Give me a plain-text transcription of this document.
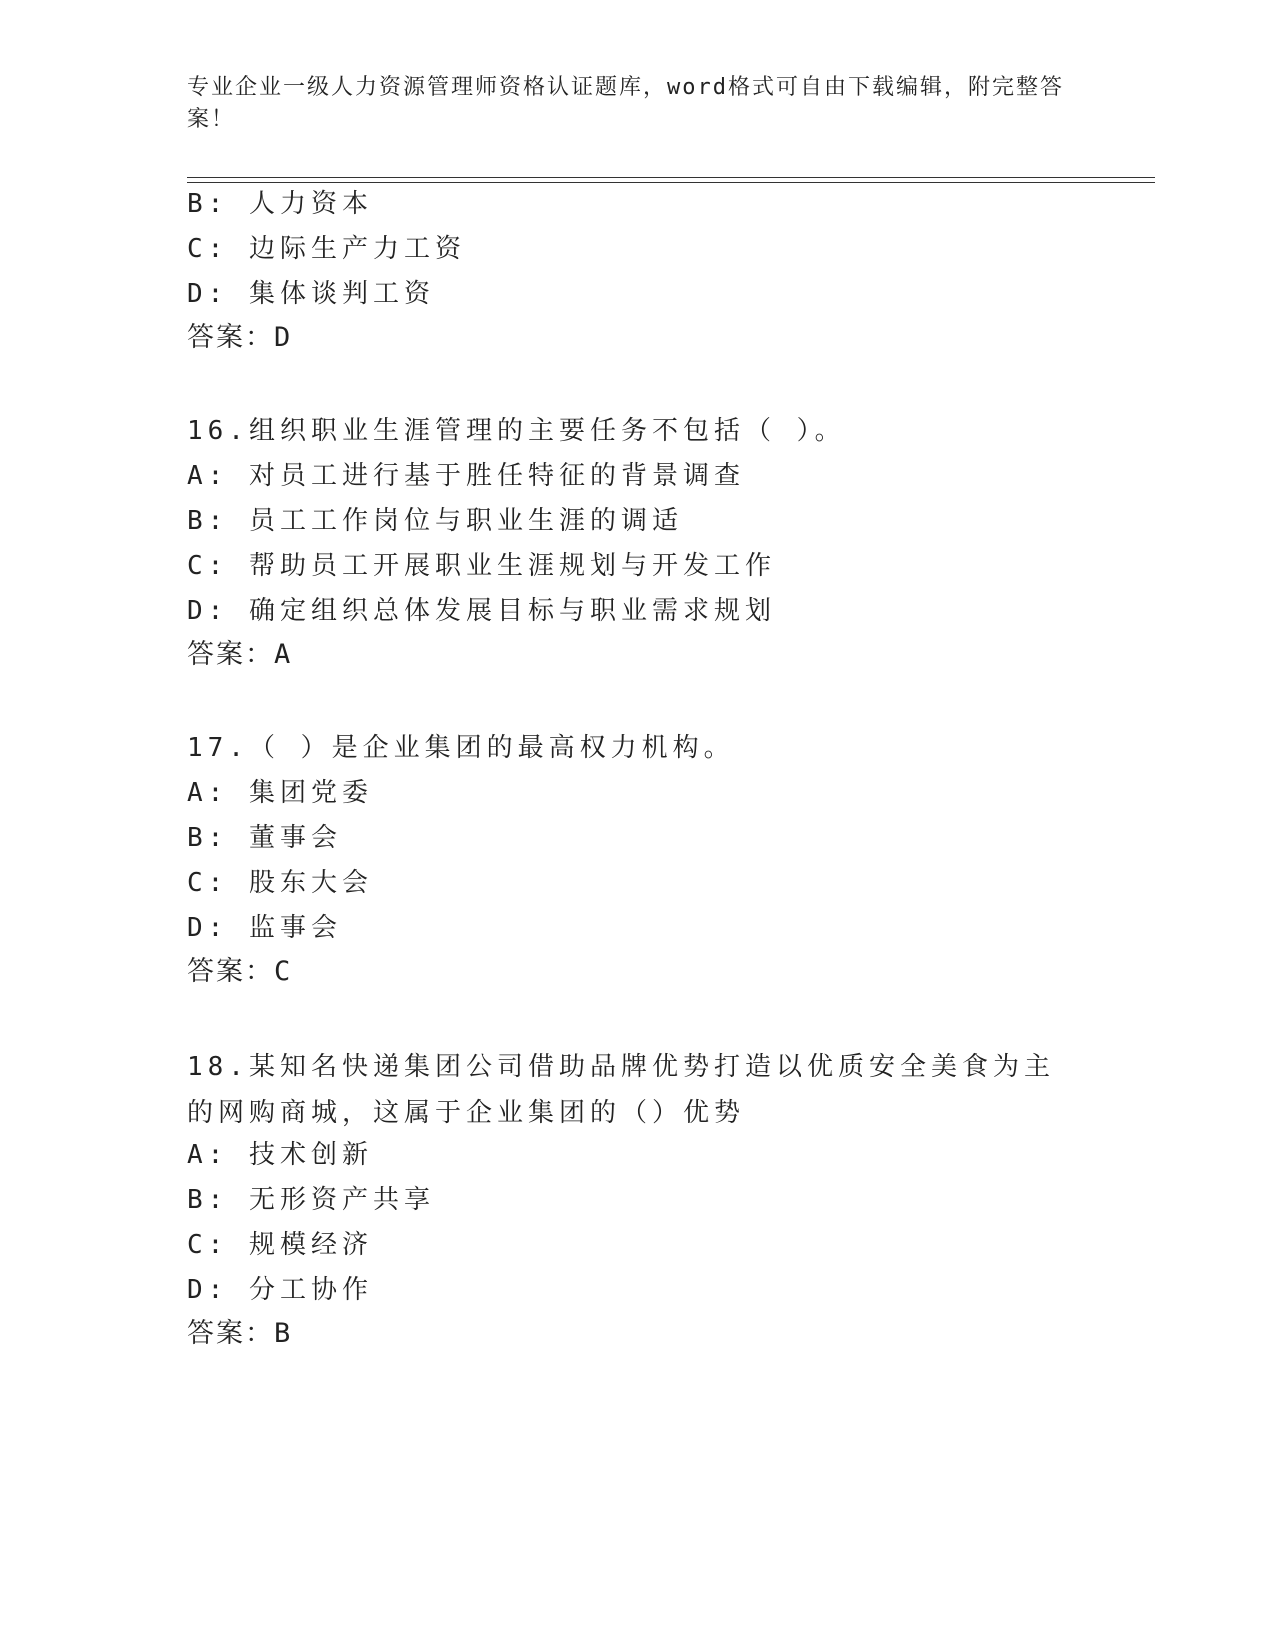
专业企业一级人力资源管理师资格认证题库，word格式可自由下载编辑，附完整答案！
B: 人力资本
C: 边际生产力工资
D: 集体谈判工资
答案：D
16.组织职业生涯管理的主要任务不包括（ ）。
A: 对员工进行基于胜任特征的背景调查
B: 员工工作岗位与职业生涯的调适
C: 帮助员工开展职业生涯规划与开发工作
D: 确定组织总体发展目标与职业需求规划
答案：A
17.（ ）是企业集团的最高权力机构。
A: 集团党委
B: 董事会
C: 股东大会
D: 监事会
答案：C
18.某知名快递集团公司借助品牌优势打造以优质安全美食为主的网购商城，这属于企业集团的（）优势
A: 技术创新
B: 无形资产共享
C: 规模经济
D: 分工协作
答案：B
